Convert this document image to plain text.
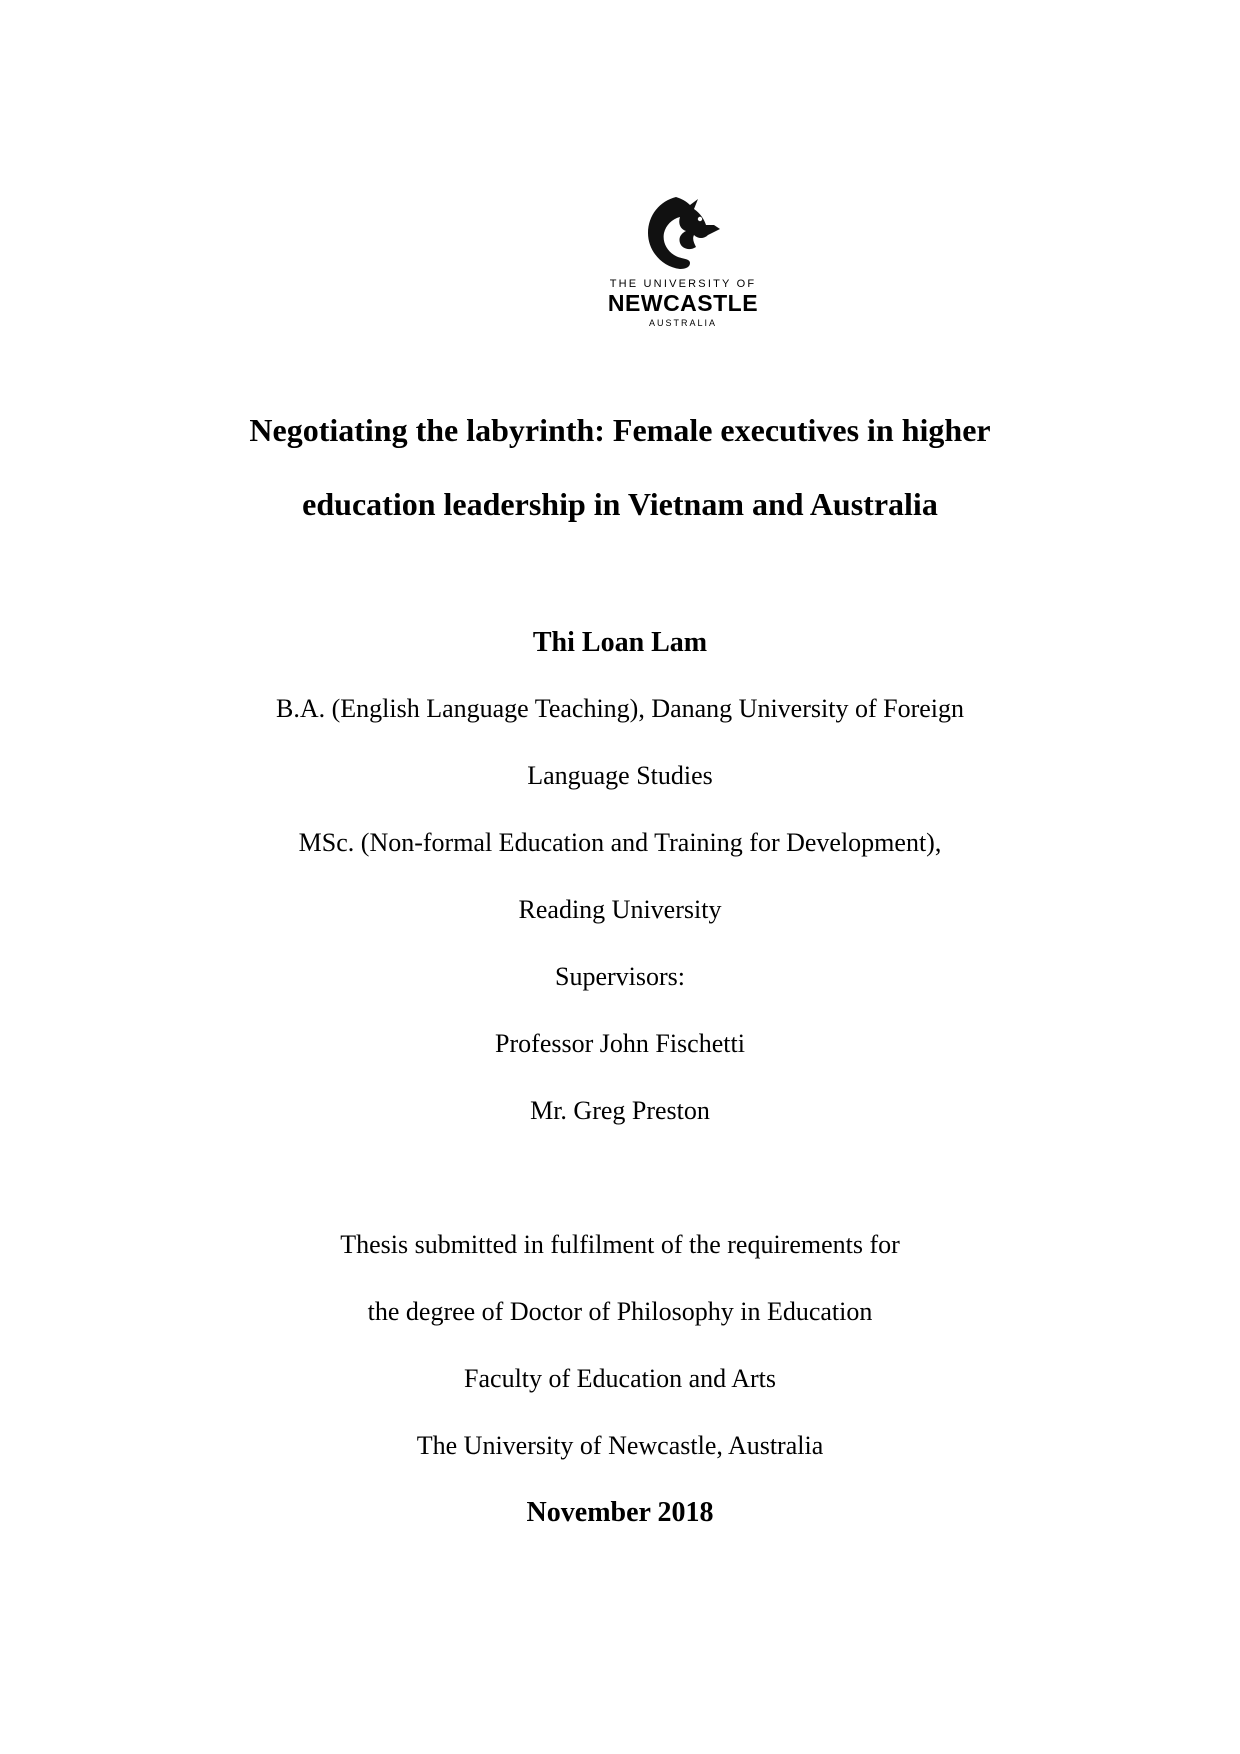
THE UNIVERSITY OF
NEWCASTLE
AUSTRALIA
Negotiating the labyrinth: Female executives in higher
education leadership in Vietnam and Australia
Thi Loan Lam
B.A. (English Language Teaching), Danang University of Foreign
Language Studies
MSc. (Non-formal Education and Training for Development),
Reading University
Supervisors:
Professor John Fischetti
Mr. Greg Preston
Thesis submitted in fulfilment of the requirements for
the degree of Doctor of Philosophy in Education
Faculty of Education and Arts
The University of Newcastle, Australia
November 2018
